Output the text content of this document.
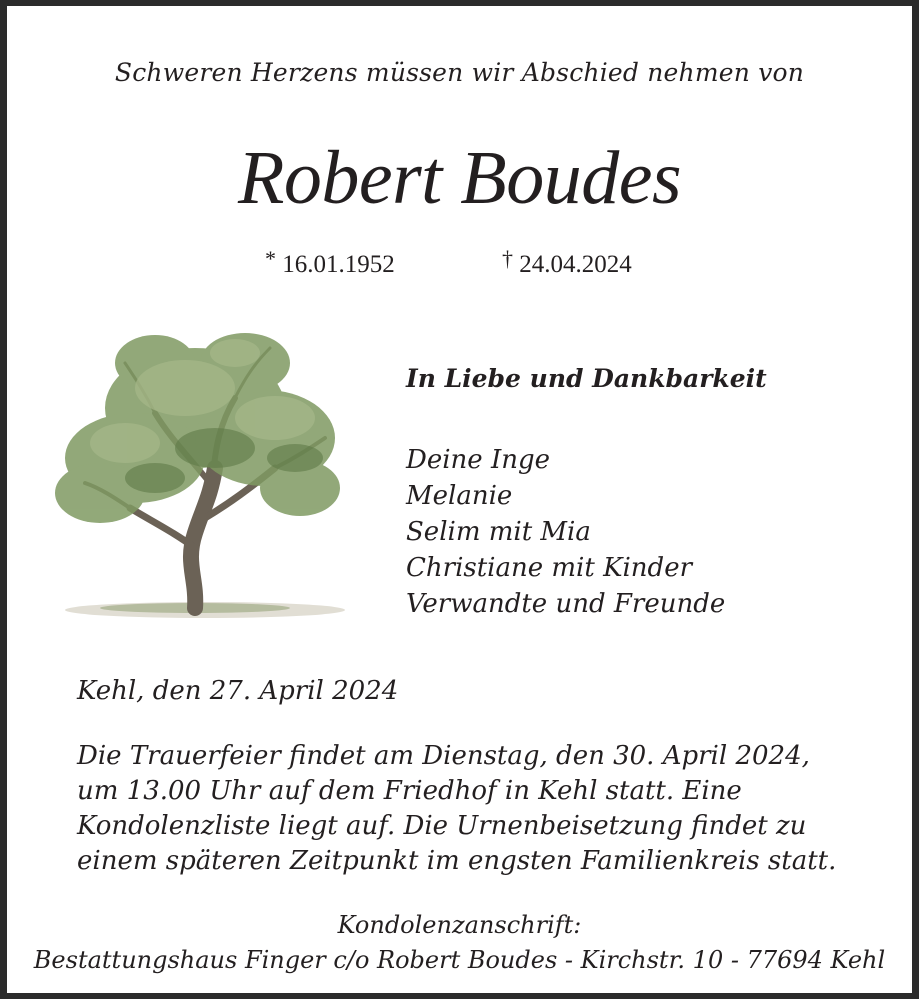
Schweren Herzens müssen wir Abschied nehmen von
Robert Boudes
* 16.01.1952	† 24.04.2024
In Liebe und Dankbarkeit
Deine Inge
Melanie
Selim mit Mia
Christiane mit Kinder
Verwandte und Freunde
Kehl, den 27. April 2024

Die Trauerfeier findet am Dienstag, den 30. April 2024,
um 13.00 Uhr auf dem Friedhof in Kehl statt. Eine
Kondolenzliste liegt auf. Die Urnenbeisetzung findet zu
einem späteren Zeitpunkt im engsten Familienkreis statt.

Kondolenzanschrift:
Bestattungshaus Finger c/o Robert Boudes - Kirchstr. 10 - 77694 Kehl
